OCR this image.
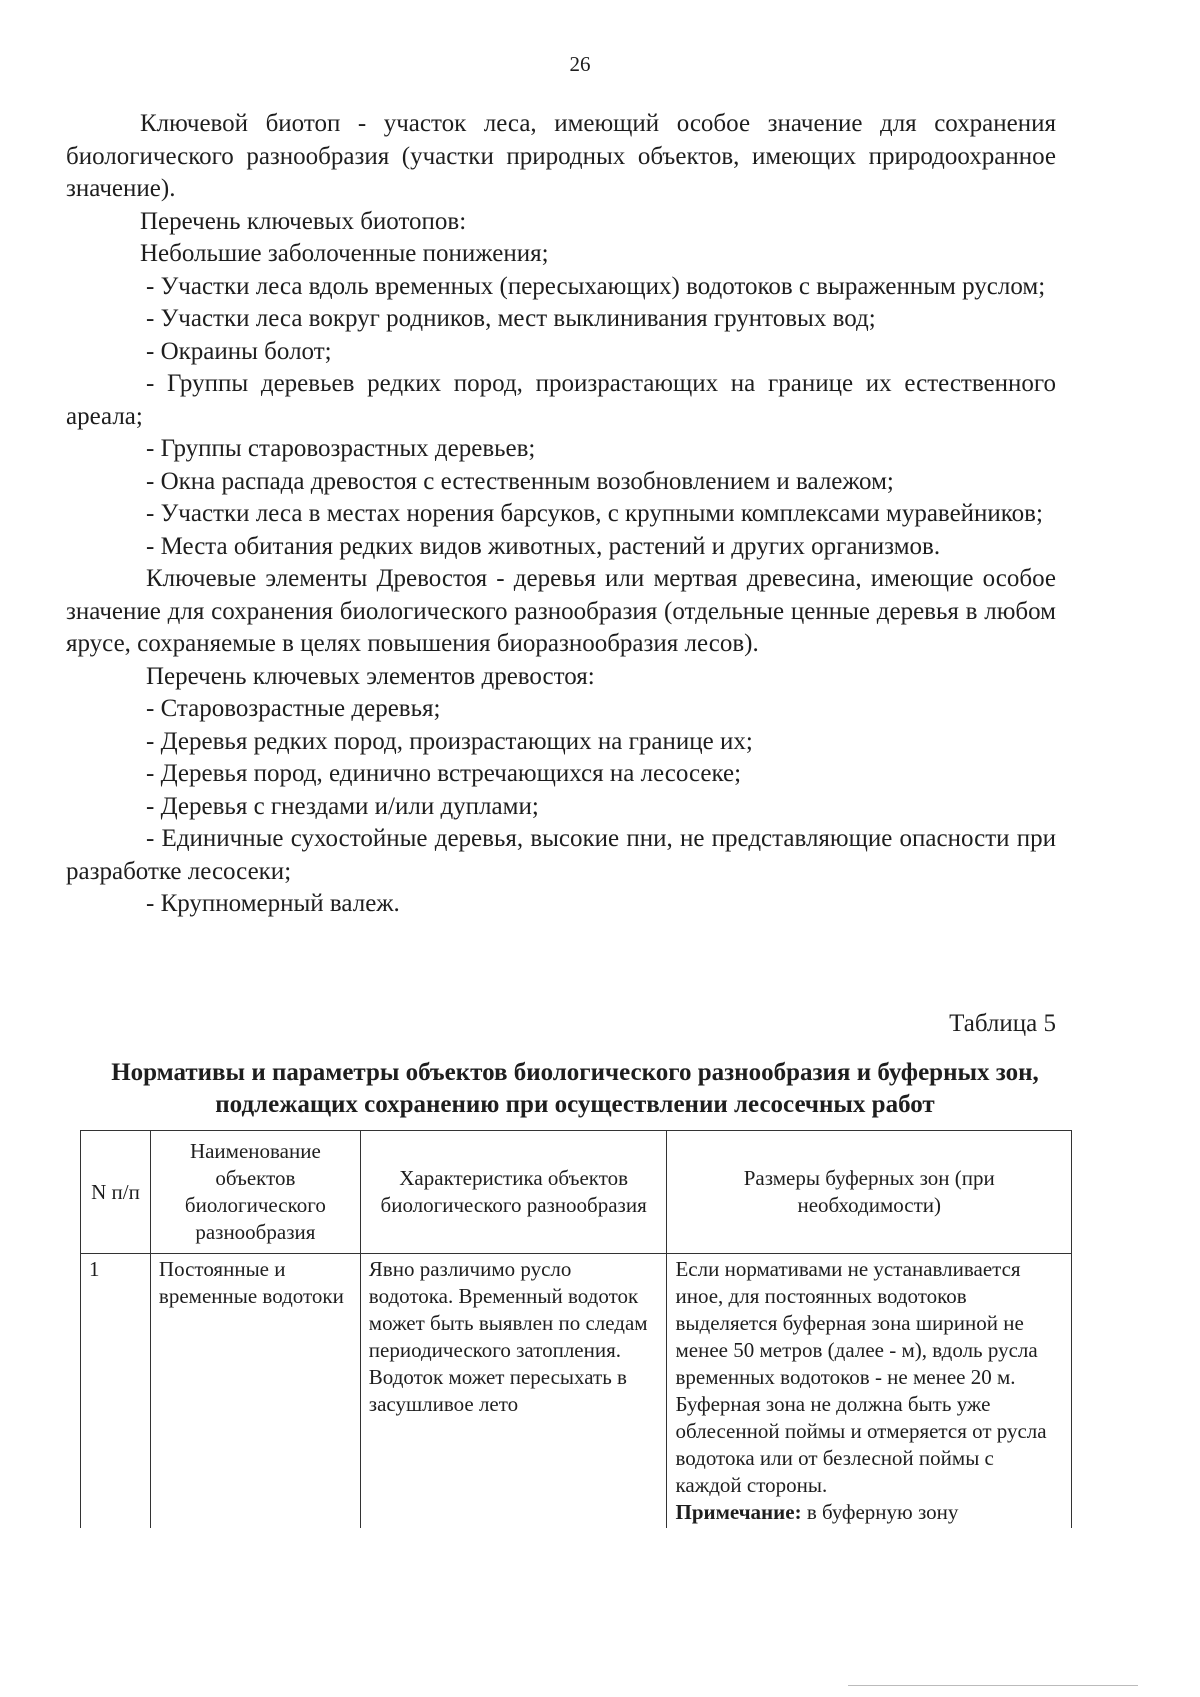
26

Ключевой биотоп - участок леса, имеющий особое значение для сохранения биологического разнообразия (участки природных объектов, имеющих природоохранное значение).

Перечень ключевых биотопов:

Небольшие заболоченные понижения;

- Участки леса вдоль временных (пересыхающих) водотоков с выраженным руслом;

- Участки леса вокруг родников, мест выклинивания грунтовых вод;

- Окраины болот;

- Группы деревьев редких пород, произрастающих на границе их естественного ареала;

- Группы старовозрастных деревьев;

- Окна распада древостоя с естественным возобновлением и валежом;

- Участки леса в местах норения барсуков, с крупными комплексами муравейников;

- Места обитания редких видов животных, растений и других организмов.

Ключевые элементы Древостоя - деревья или мертвая древесина, имеющие особое значение для сохранения биологического разнообразия (отдельные ценные деревья в любом ярусе, сохраняемые в целях повышения биоразнообразия лесов).

Перечень ключевых элементов древостоя:

- Старовозрастные деревья;

- Деревья редких пород, произрастающих на границе их;

- Деревья пород, единично встречающихся на лесосеке;

- Деревья с гнездами и/или дуплами;

- Единичные сухостойные деревья, высокие пни, не представляющие опасности при разработке лесосеки;

- Крупномерный валеж.

Таблица 5
Нормативы и параметры объектов биологического разнообразия и буферных зон, подлежащих сохранению при осуществлении лесосечных работ
N п/п	Наименование объектов биологического разнообразия	Характеристика объектов биологического разнообразия	Размеры буферных зон (при необходимости)
1	Постоянные и временные водотоки	Явно различимо русло водотока. Временный водоток может быть выявлен по следам периодического затопления. Водоток может пересыхать в засушливое лето	Если нормативами не устанавливается иное, для постоянных водотоков выделяется буферная зона шириной не менее 50 метров (далее - м), вдоль русла временных водотоков - не менее 20 м. Буферная зона не должна быть уже облесенной поймы и отмеряется от русла водотока или от безлесной поймы с каждой стороны.
Примечание: в буферную зону
